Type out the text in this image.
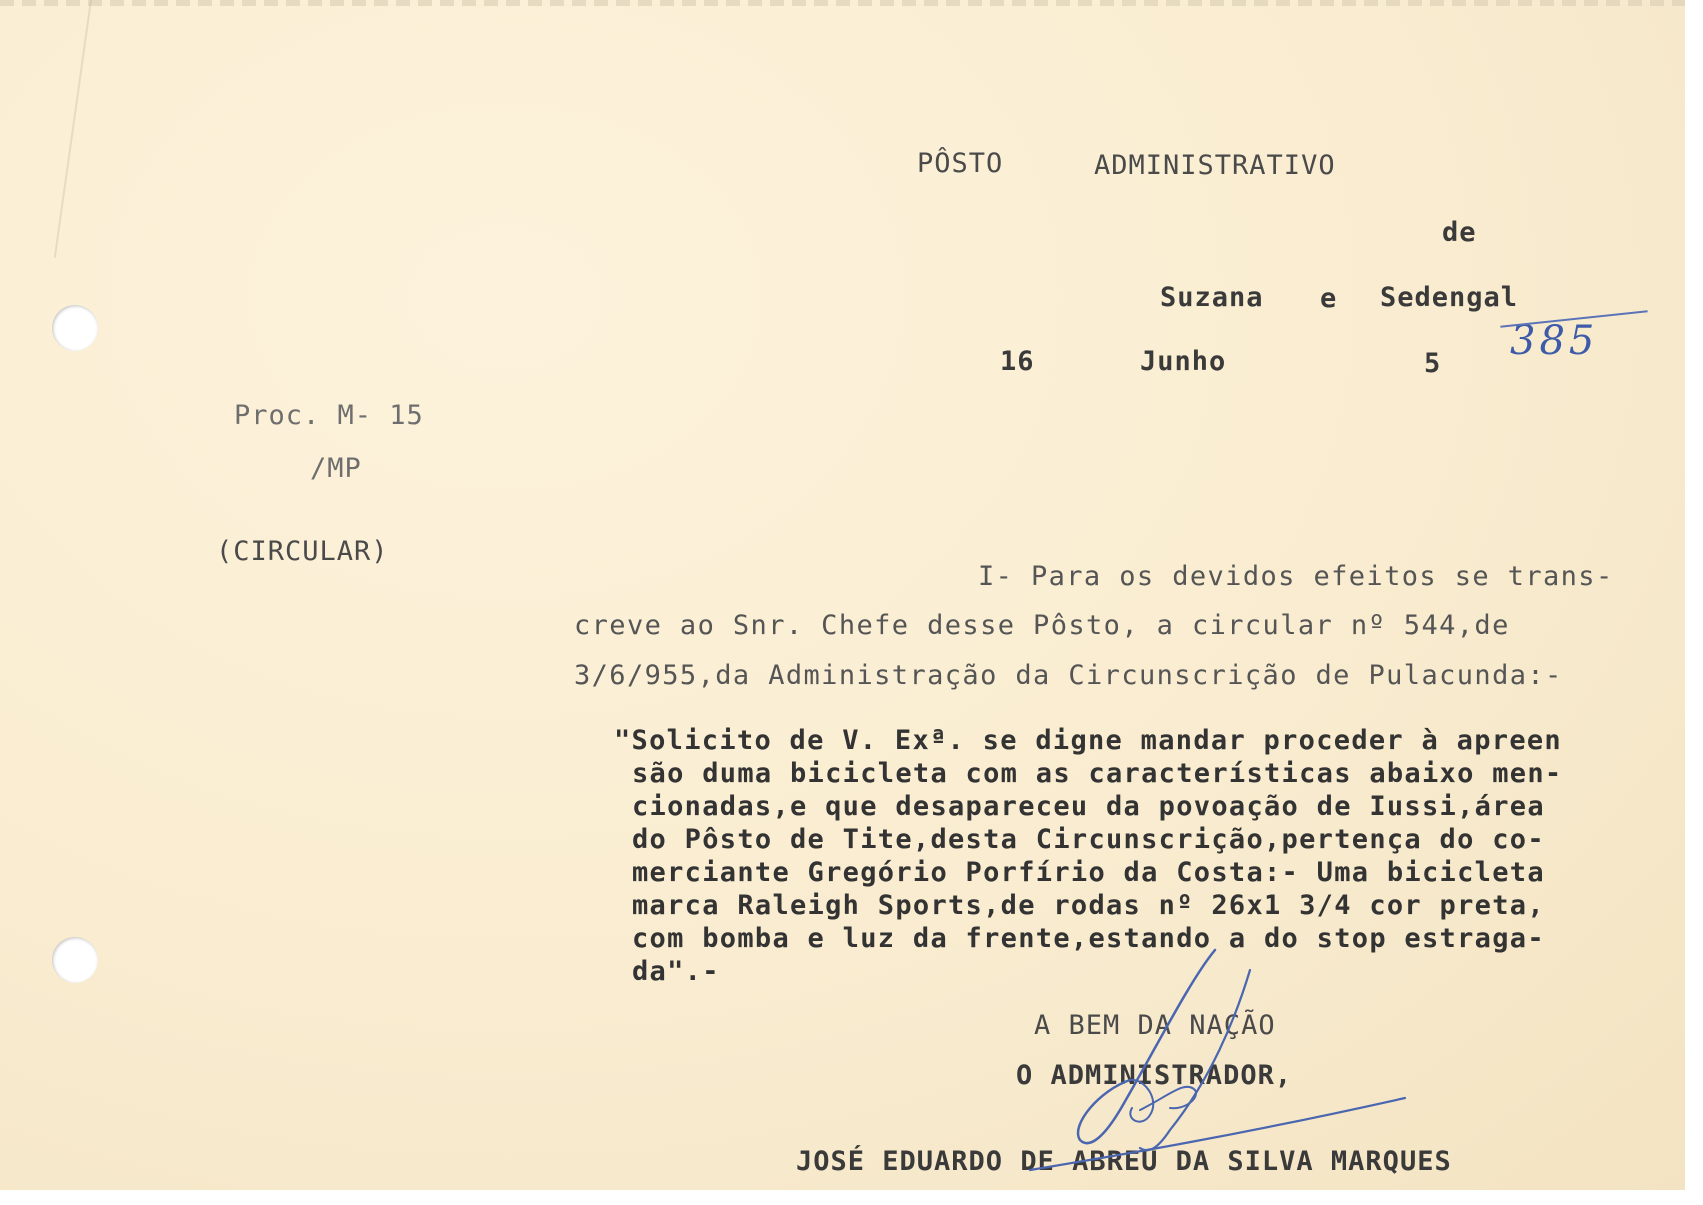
PÔSTO	ADMINISTRATIVO
de
Suzana e Sedengal
16	Junho	5 385
Proc. M- 15
/MP
(CIRCULAR)
I- Para os devidos efeitos se trans-
creve ao Snr. Chefe desse Pôsto, a circular nº 544,de
3/6/955,da Administração da Circunscrição de Pulacunda:-
"Solicito de V. Exª. se digne mandar proceder à apreen
são duma bicicleta com as características abaixo men-
cionadas,e que desapareceu da povoação de Iussi,área
do Pôsto de Tite,desta Circunscrição,pertença do co-
merciante Gregório Porfírio da Costa:- Uma bicicleta
marca Raleigh Sports,de rodas nº 26x1 3/4 cor preta,
com bomba e luz da frente,estando a do stop estraga-
da".-
A BEM DA NAÇÃO
O ADMINISTRADOR,
JOSÉ EDUARDO DE ABREU DA SILVA MARQUES
